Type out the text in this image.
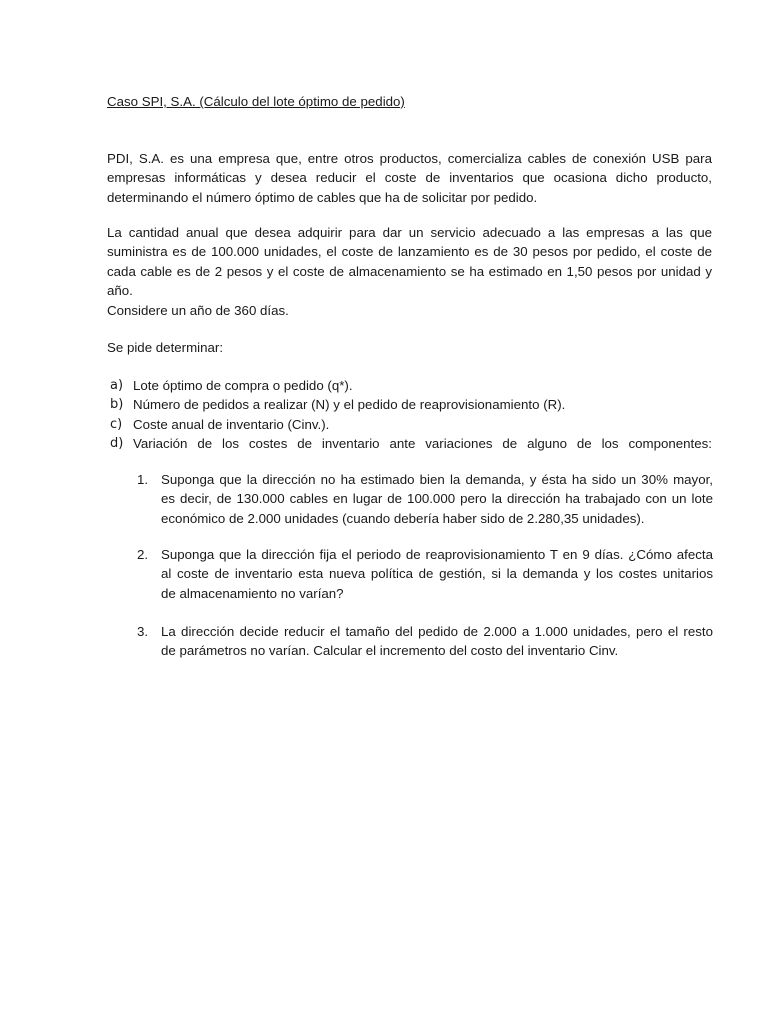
Caso SPI, S.A. (Cálculo del lote óptimo de pedido)
PDI, S.A. es una empresa que, entre otros productos, comercializa cables de conexión USB para
empresas informáticas y desea reducir el coste de inventarios que ocasiona dicho producto,
determinando el número óptimo de cables que ha de solicitar por pedido.
La cantidad anual que desea adquirir para dar un servicio adecuado a las empresas a las que
suministra es de 100.000 unidades, el coste de lanzamiento es de 30 pesos por pedido, el coste de
cada cable es de 2 pesos y el coste de almacenamiento se ha estimado en 1,50 pesos por unidad y
año.
Considere un año de 360 días.
Se pide determinar:
a) Lote óptimo de compra o pedido (q*).
b) Número de pedidos a realizar (N) y el pedido de reaprovisionamiento (R).
c) Coste anual de inventario (Cinv.).
d) Variación de los costes de inventario ante variaciones de alguno de los componentes:
1. Suponga que la dirección no ha estimado bien la demanda, y ésta ha sido un 30% mayor,
es decir, de 130.000 cables en lugar de 100.000 pero la dirección ha trabajado con un lote
económico de 2.000 unidades (cuando debería haber sido de 2.280,35 unidades).
2. Suponga que la dirección fija el periodo de reaprovisionamiento T en 9 días. ¿Cómo afecta
al coste de inventario esta nueva política de gestión, si la demanda y los costes unitarios
de almacenamiento no varían?
3. La dirección decide reducir el tamaño del pedido de 2.000 a 1.000 unidades, pero el resto
de parámetros no varían. Calcular el incremento del costo del inventario Cinv.
